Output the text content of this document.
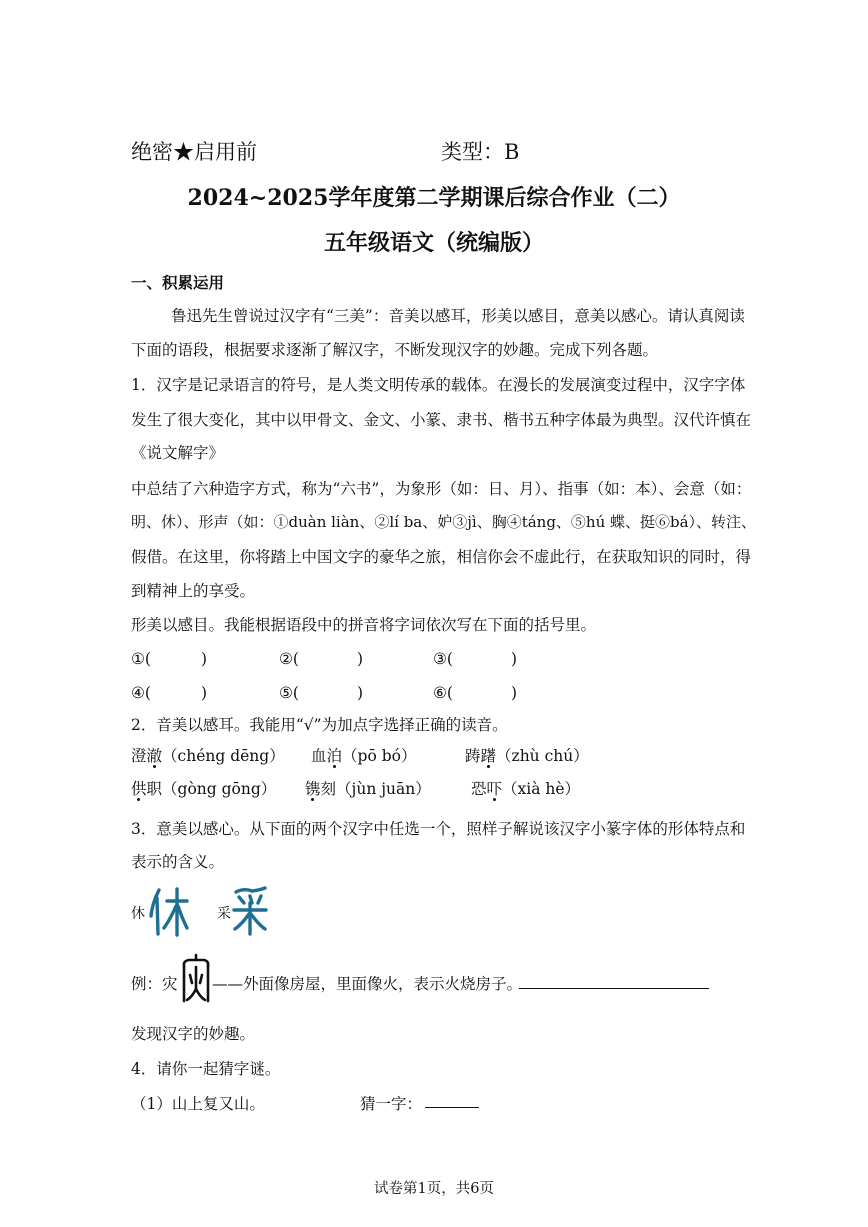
绝密★启用前	类型：B
2024~2025学年度第二学期课后综合作业（二）
五年级语文（统编版）
一、积累运用
鲁迅先生曾说过汉字有“三美”：音美以感耳，形美以感目，意美以感心。请认真阅读
下面的语段，根据要求逐渐了解汉字，不断发现汉字的妙趣。完成下列各题。
1．汉字是记录语言的符号，是人类文明传承的载体。在漫长的发展演变过程中，汉字字体
发生了很大变化，其中以甲骨文、金文、小篆、隶书、楷书五种字体最为典型。汉代许慎在
《说文解字》
中总结了六种造字方式，称为“六书”，为象形（如：日、月）、指事（如：本）、会意（如：
明、休）、形声（如：①duàn liàn、②lí ba、妒③jì、胸④táng、⑤hú 蝶、挺⑥bá）、转注、
假借。在这里，你将踏上中国文字的豪华之旅，相信你会不虚此行，在获取知识的同时，得
到精神上的享受。
形美以感目。我能根据语段中的拼音将字词依次写在下面的括号里。
①(	)	②(	)	③(	)
④(	)	⑤(	)	⑥(	)
2．音美以感耳。我能用“√”为加点字选择正确的读音。
澄澈（chéng dēng） 血泊（pō bó）	踌躇（zhù chú）
供职（gòng gōng） 镌刻（jùn juān）	恐吓（xià hè）
3．意美以感心。从下面的两个汉字中任选一个，照样子解说该汉字小篆字体的形体特点和
表示的含义。
休	采
例：灾 ——外面像房屋，里面像火，表示火烧房子。
发现汉字的妙趣。
4．请你一起猜字谜。
（1）山上复又山。	猜一字：
试卷第1页，共6页
